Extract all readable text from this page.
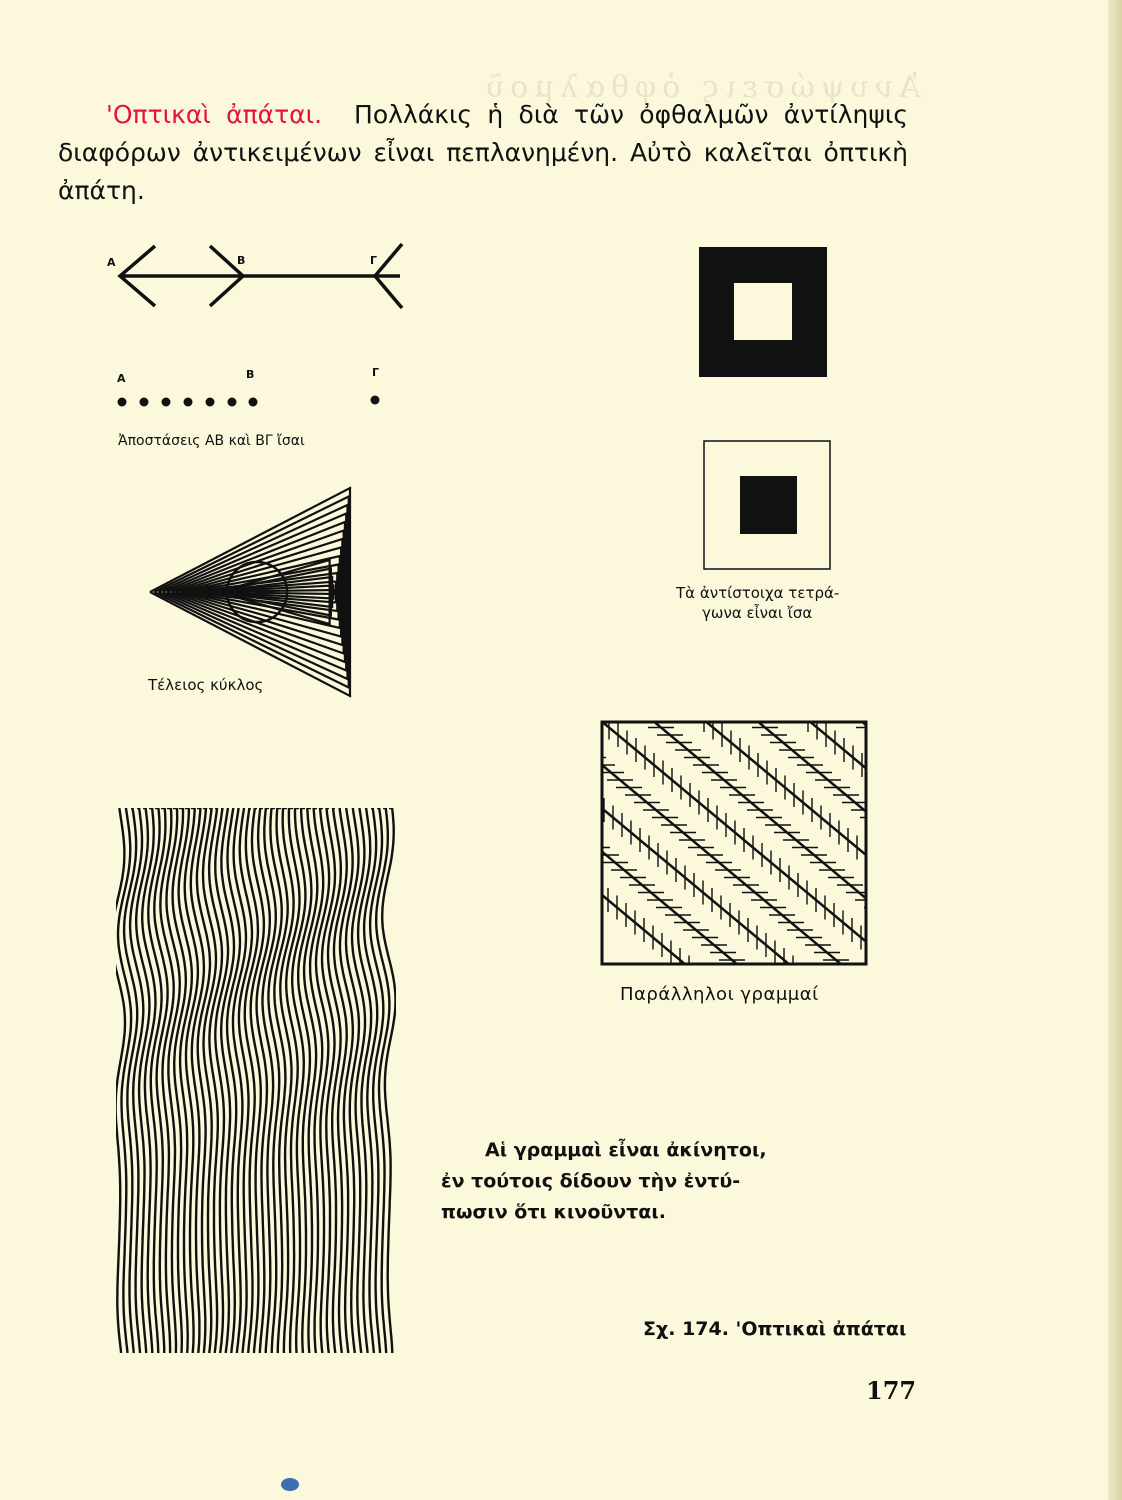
Ἀνυψώσεις ὀφθαλμοῦ
'Οπτικαὶ ἀπάται. Πολλάκις ἡ διὰ τῶν ὀφθαλμῶν ἀντίληψις διαφόρων ἀντικειμένων εἶναι πεπλανημένη. Αὐτὸ καλεῖται ὀπτικὴ ἀπάτη.
Α	Β	Γ
Α	Β	Γ
Ἀποστάσεις ΑΒ καὶ ΒΓ ἴσαι
Τέλειος κύκλος
Τὰ ἀντίστοιχα τετρά-
γωνα εἶναι ἴσα
Παράλληλοι γραμμαί
Αἱ γραμμαὶ εἶναι ἀκίνητοι,
ἐν τούτοις δίδουν τὴν ἐντύ-
πωσιν ὅτι κινοῦνται.
Σχ. 174. 'Οπτικαὶ ἀπάται
177
